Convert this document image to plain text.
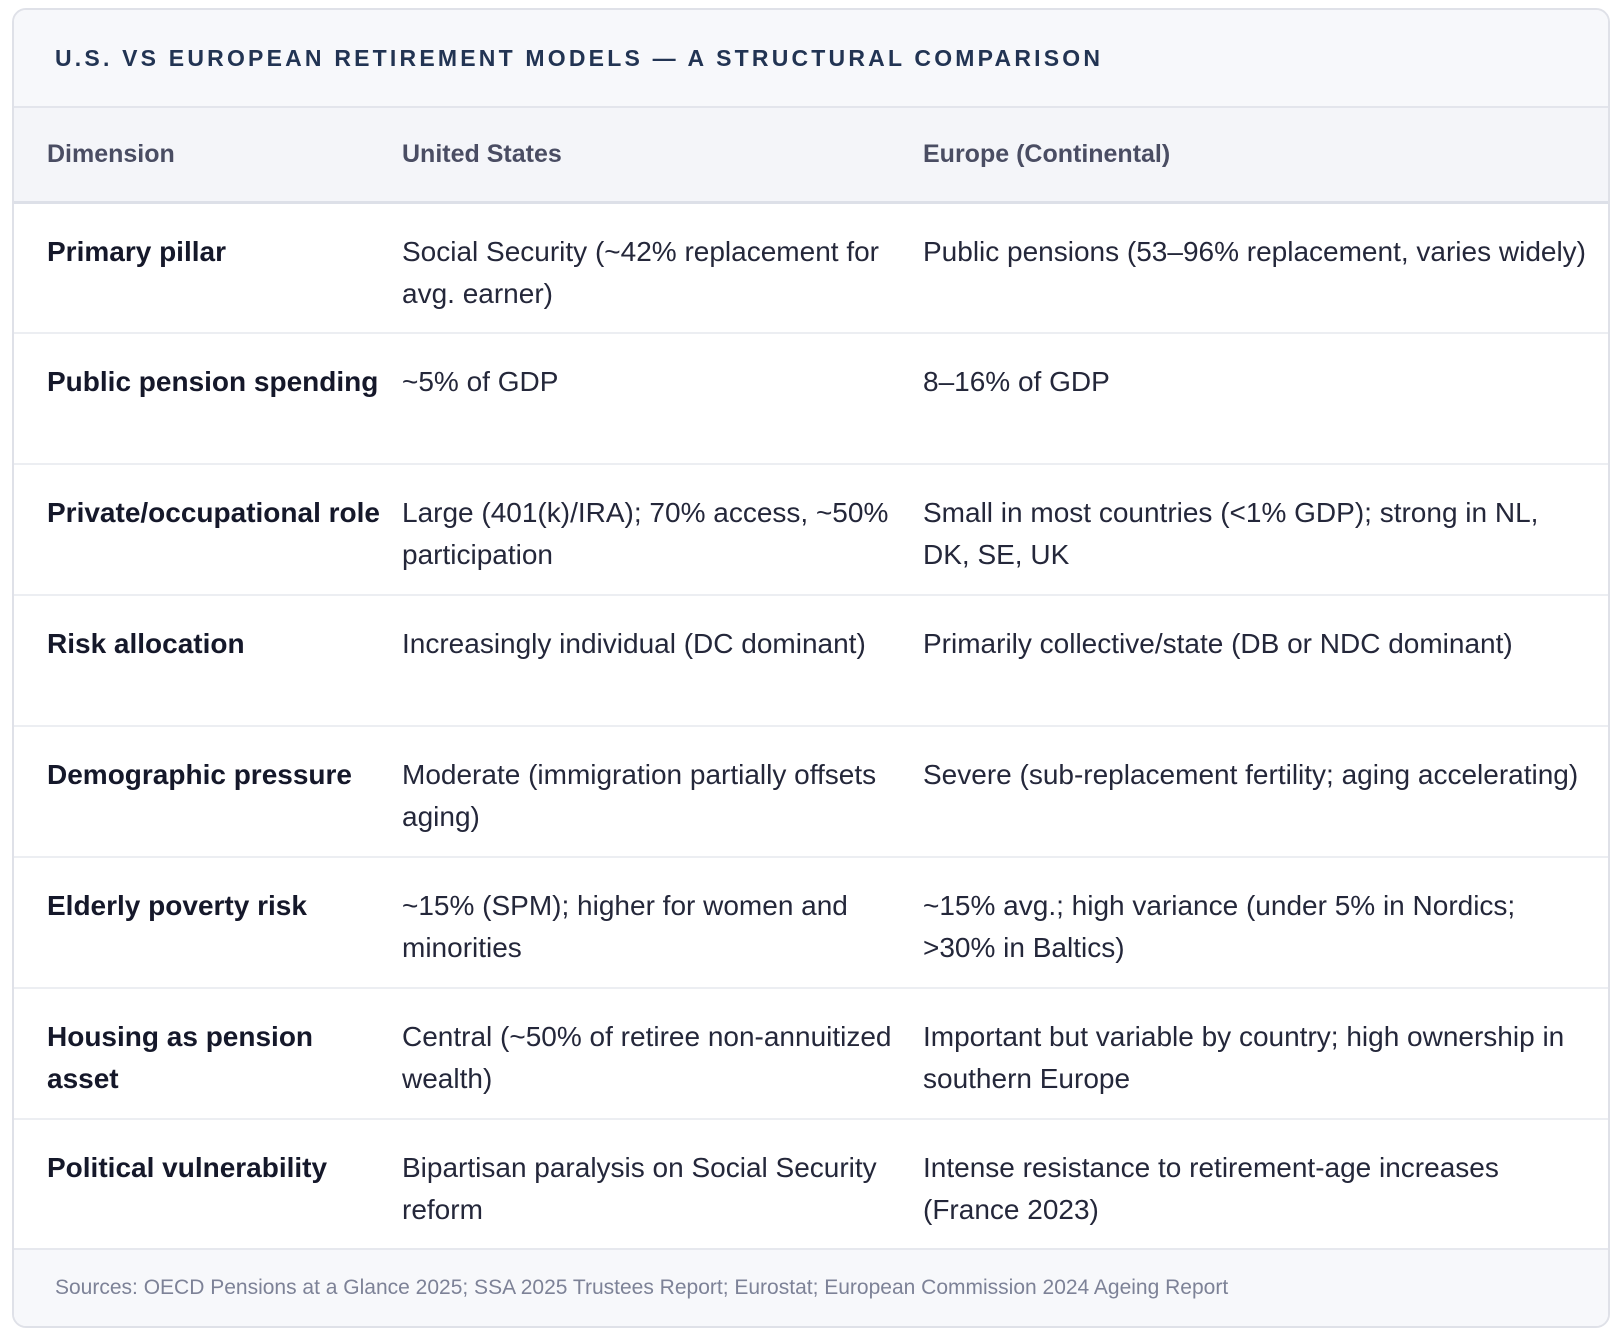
U.S. VS EUROPEAN RETIREMENT MODELS — A STRUCTURAL COMPARISON
Dimension	United States	Europe (Continental)
Primary pillar	Social Security (~42% replacement for avg. earner)	Public pensions (53–96% replacement, varies widely)
Public pension spending	~5% of GDP	8–16% of GDP
Private/occupational role	Large (401(k)/IRA); 70% access, ~50% participation	Small in most countries (<1% GDP); strong in NL, DK, SE, UK
Risk allocation	Increasingly individual (DC dominant)	Primarily collective/state (DB or NDC dominant)
Demographic pressure	Moderate (immigration partially offsets aging)	Severe (sub-replacement fertility; aging accelerating)
Elderly poverty risk	~15% (SPM); higher for women and minorities	~15% avg.; high variance (under 5% in Nordics; >30% in Baltics)
Housing as pension asset	Central (~50% of retiree non-annuitized wealth)	Important but variable by country; high ownership in southern Europe
Political vulnerability	Bipartisan paralysis on Social Security reform	Intense resistance to retirement-age increases (France 2023)
Sources: OECD Pensions at a Glance 2025; SSA 2025 Trustees Report; Eurostat; European Commission 2024 Ageing Report
